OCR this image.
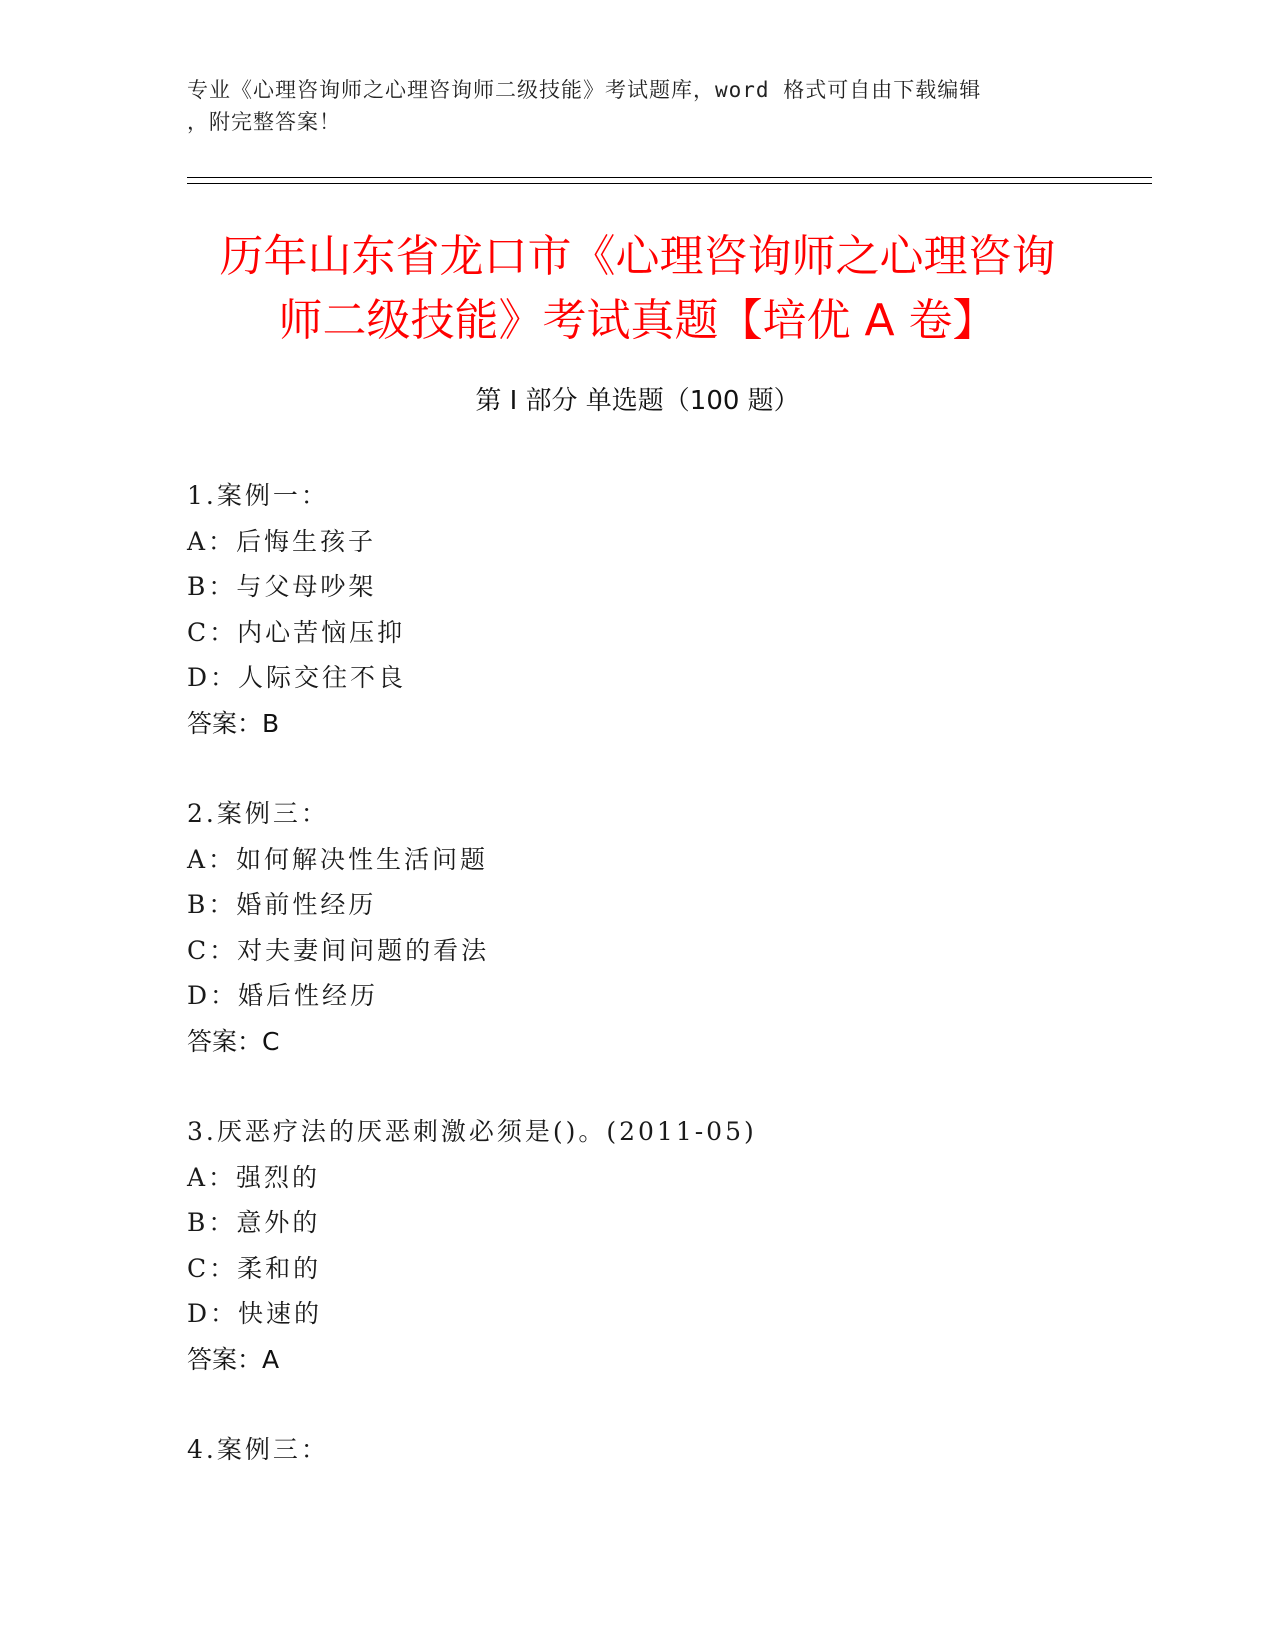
专业《心理咨询师之心理咨询师二级技能》考试题库，word 格式可自由下载编辑
，附完整答案！
历年山东省龙口市《心理咨询师之心理咨询
师二级技能》考试真题【培优 A 卷】
第 I 部分 单选题（100 题）
1.案例一：
A：后悔生孩子
B：与父母吵架
C：内心苦恼压抑
D：人际交往不良
答案：B
2.案例三：
A：如何解决性生活问题
B：婚前性经历
C：对夫妻间问题的看法
D：婚后性经历
答案：C
3.厌恶疗法的厌恶刺激必须是()。(2011-05)
A：强烈的
B：意外的
C：柔和的
D：快速的
答案：A
4.案例三：
